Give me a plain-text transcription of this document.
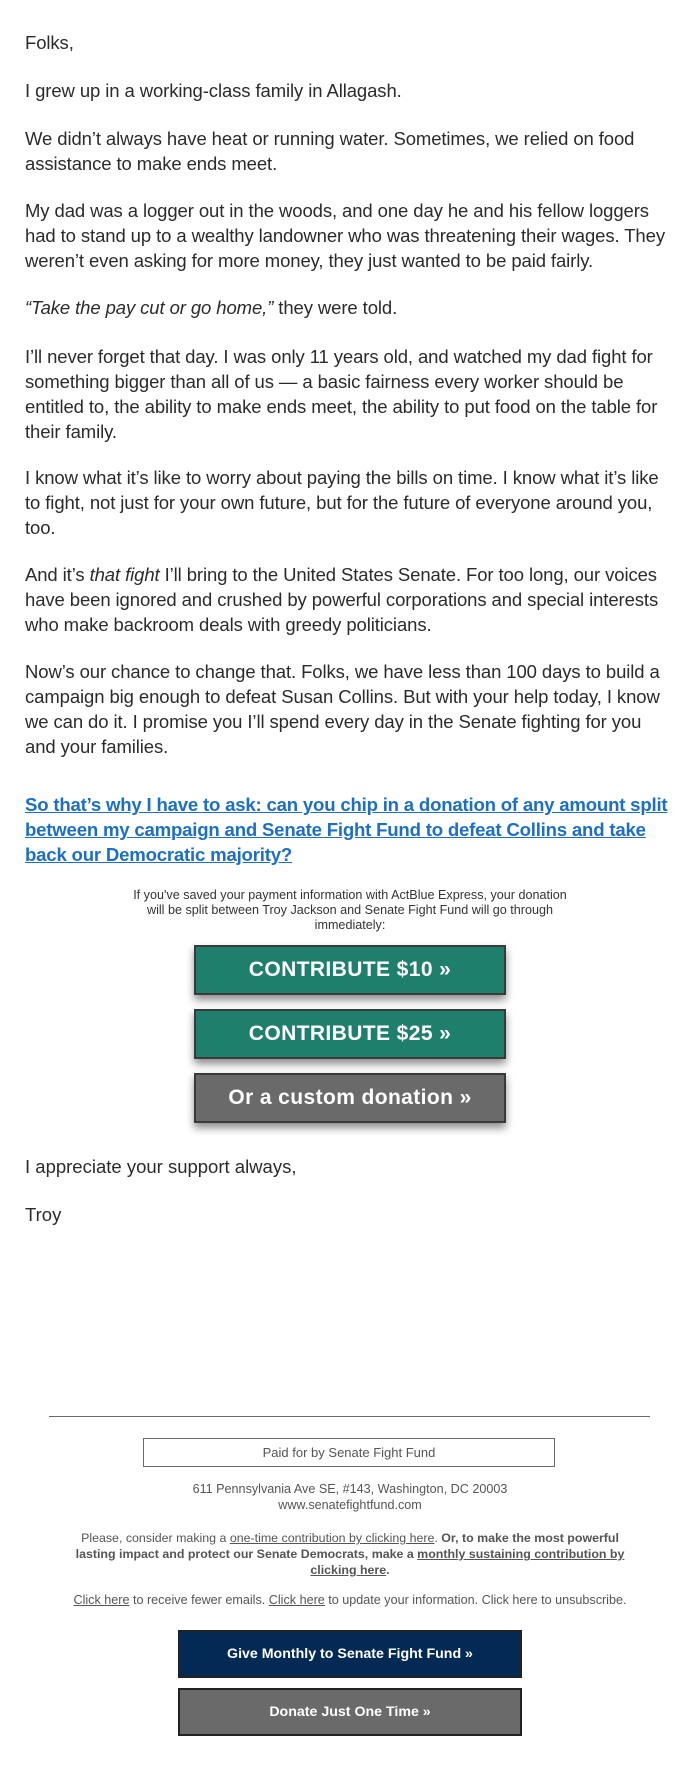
Folks,

I grew up in a working-class family in Allagash.

We didn’t always have heat or running water. Sometimes, we relied on food assistance to make ends meet.

My dad was a logger out in the woods, and one day he and his fellow loggers had to stand up to a wealthy landowner who was threatening their wages. They weren’t even asking for more money, they just wanted to be paid fairly.

“Take the pay cut or go home,” they were told.

I’ll never forget that day. I was only 11 years old, and watched my dad fight for something bigger than all of us — a basic fairness every worker should be entitled to, the ability to make ends meet, the ability to put food on the table for their family.

I know what it’s like to worry about paying the bills on time. I know what it’s like to fight, not just for your own future, but for the future of everyone around you, too.

And it’s that fight I’ll bring to the United States Senate. For too long, our voices have been ignored and crushed by powerful corporations and special interests who make backroom deals with greedy politicians.

Now’s our chance to change that. Folks, we have less than 100 days to build a campaign big enough to defeat Susan Collins. But with your help today, I know we can do it. I promise you I’ll spend every day in the Senate fighting for you and your families.

So that’s why I have to ask: can you chip in a donation of any amount split between my campaign and Senate Fight Fund to defeat Collins and take back our Democratic majority?
If you've saved your payment information with ActBlue Express, your donation will be split between Troy Jackson and Senate Fight Fund will go through immediately:
CONTRIBUTE $10 »
CONTRIBUTE $25 »
Or a custom donation »
I appreciate your support always,
Troy
Paid for by Senate Fight Fund
611 Pennsylvania Ave SE, #143, Washington, DC 20003
www.senatefightfund.com
Please, consider making a one-time contribution by clicking here. Or, to make the most powerful lasting impact and protect our Senate Democrats, make a monthly sustaining contribution by clicking here.
Click here to receive fewer emails. Click here to update your information. Click here to unsubscribe.
Give Monthly to Senate Fight Fund »
Donate Just One Time »
